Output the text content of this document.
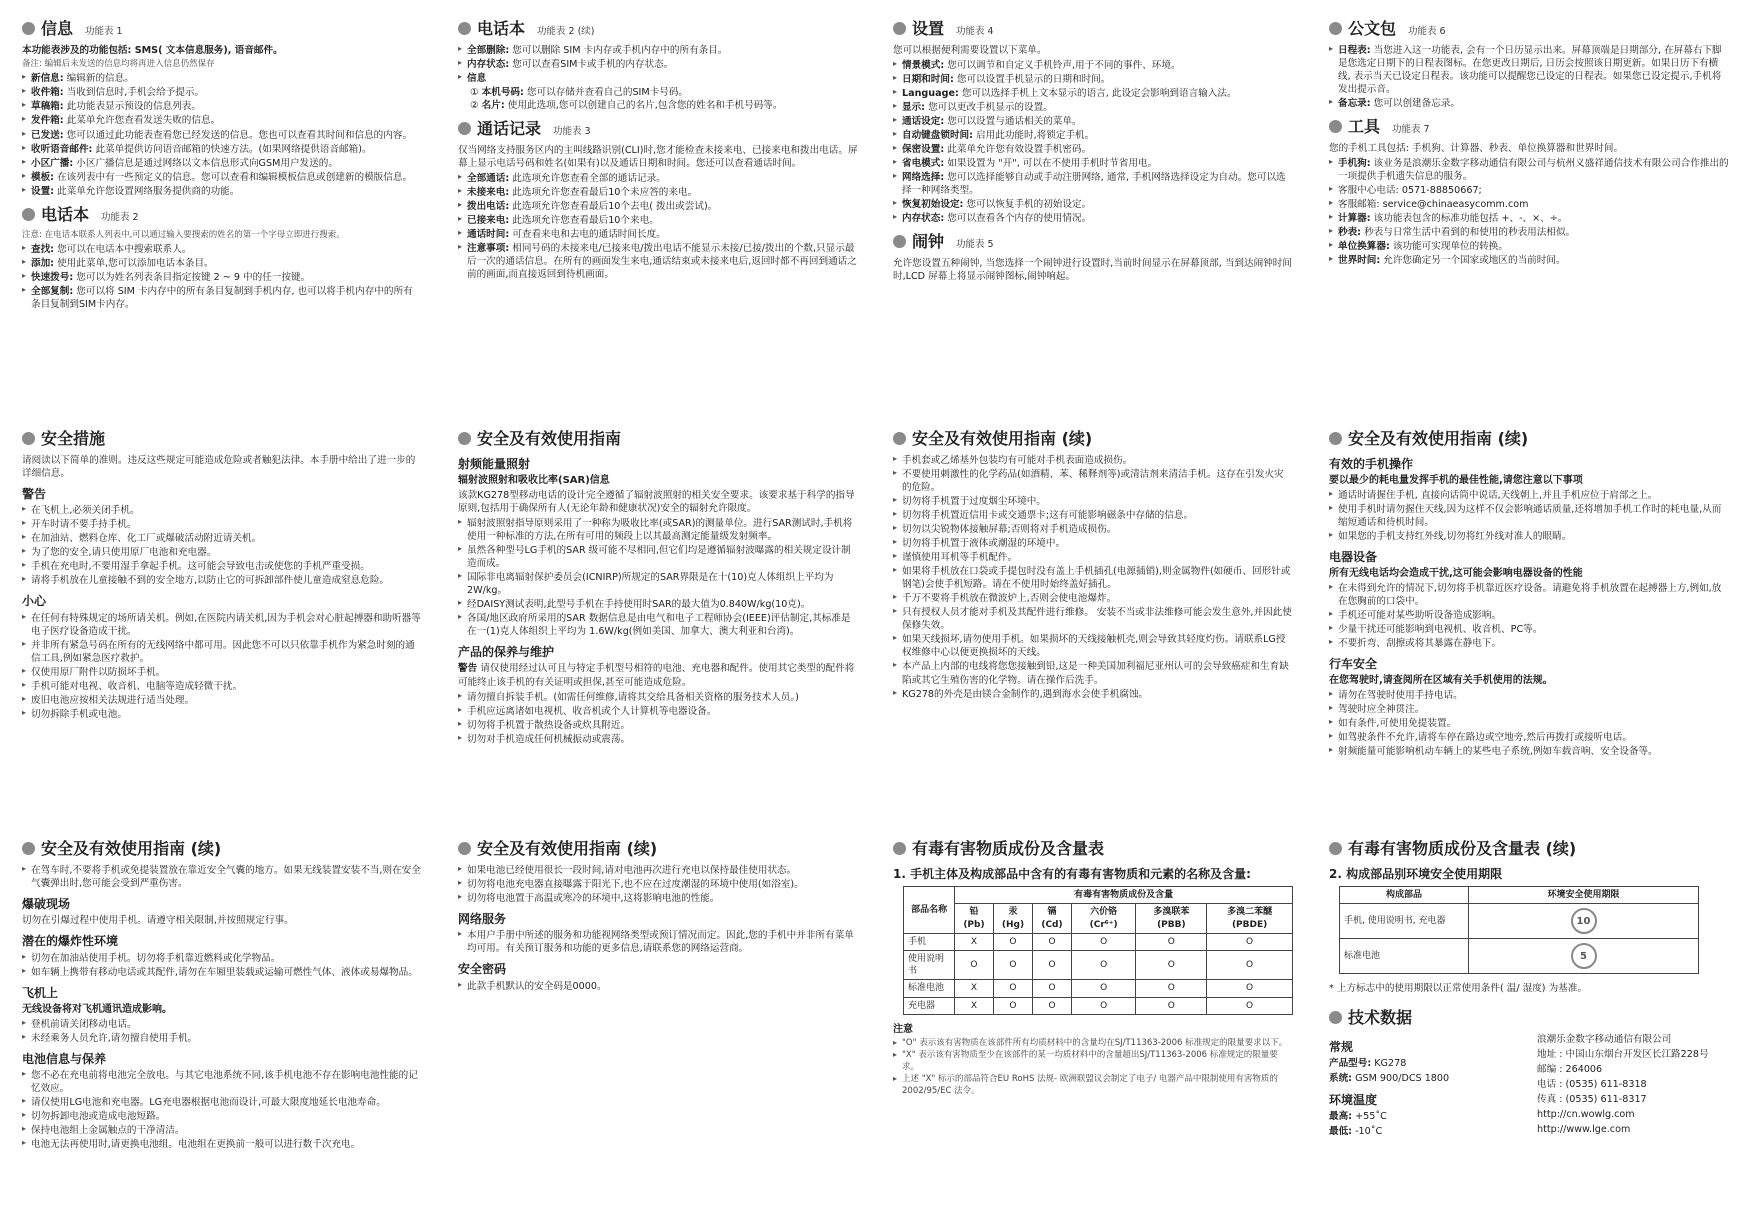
信息 功能表 1

本功能表涉及的功能包括: SMS( 文本信息服务), 语音邮件。

备注: 编辑后未发送的信息均将再进入信息仍然保存

▸ 新信息: 编辑新的信息。
▸ 收件箱: 当收到信息时,手机会给予提示。
▸ 草稿箱: 此功能表显示预设的信息列表。
▸ 发件箱: 此菜单允许您查看发送失败的信息。
▸ 已发送: 您可以通过此功能表查看您已经发送的信息。您也可以查看其时间和信息的内容。
▸ 收听语音邮件: 此菜单提供访问语音邮箱的快速方法。(如果网络提供语音邮箱)。
▸ 小区广播: 小区广播信息是通过网络以文本信息形式向GSM用户发送的。
▸ 模板: 在该列表中有一些预定义的信息。您可以查看和编辑模板信息或创建新的模版信息。
▸ 设置: 此菜单允许您设置网络服务提供商的功能。
电话本 功能表 2

注意: 在电话本联系人列表中,可以通过输入要搜索的姓名的第一个字母立即进行搜索。

▸ 查找: 您可以在电话本中搜索联系人。
▸ 添加: 使用此菜单,您可以添加电话本条目。
▸ 快速拨号: 您可以为姓名列表条目指定按键 2 ~ 9 中的任一按键。
▸ 全部复制: 您可以将 SIM 卡内存中的所有条目复制到手机内存, 也可以将手机内存中的所有条目复制到SIM卡内存。
电话本 功能表 2 (续)
▸ 全部删除: 您可以删除 SIM 卡内存或手机内存中的所有条目。
▸ 内存状态: 您可以查看SIM卡或手机的内存状态。
▸ 信息
① 本机号码: 您可以存储并查看自己的SIM卡号码。
② 名片: 使用此选项,您可以创建自己的名片,包含您的姓名和手机号码等。
通话记录 功能表 3

仅当网络支持服务区内的主叫线路识别(CLI)时,您才能检查未接来电、已接来电和拨出电话。屏幕上显示电话号码和姓名(如果有)以及通话日期和时间。您还可以查看通话时间。

▸ 全部通话: 此选项允许您查看全部的通话记录。
▸ 未接来电: 此选项允许您查看最后10个未应答的来电。
▸ 拨出电话: 此选项允许您查看最后10个去电( 拨出或尝试)。
▸ 已接来电: 此选项允许您查看最后10个来电。
▸ 通话时间: 可查看来电和去电的通话时间长度。
▸ 注意事项: 相同号码的未接来电/已接来电/拨出电话不能显示未接/已接/拨出的个数,只显示最后一次的通话信息。在所有的画面发生来电,通话结束或未接来电后,返回时都不再回到通话之前的画面,而直接返回到待机画面。
设置 功能表 4

您可以根据便利需要设置以下菜单。

▸ 情景模式: 您可以调节和自定义手机铃声,用于不同的事件、环境。
▸ 日期和时间: 您可以设置手机显示的日期和时间。
▸ Language: 您可以选择手机上文本显示的语言, 此设定会影响到语言输入法。
▸ 显示: 您可以更改手机显示的设置。
▸ 通话设定: 您可以设置与通话相关的菜单。
▸ 自动键盘锁时间: 启用此功能时,将锁定手机。
▸ 保密设置: 此菜单允许您有效设置手机密码。
▸ 省电模式: 如果设置为 "开", 可以在不使用手机时节省用电。
▸ 网络选择: 您可以选择能够自动或手动注册网络, 通常, 手机网络选择设定为自动。您可以选择一种网络类型。
▸ 恢复初始设定: 您可以恢复手机的初始设定。
▸ 内存状态: 您可以查看各个内存的使用情况。
闹钟 功能表 5

允许您设置五种闹钟, 当您选择一个闹钟进行设置时,当前时间显示在屏幕顶部, 当到达闹钟时间时,LCD 屏幕上将显示闹钟图标,闹钟响起。

公文包 功能表 6
▸ 日程表: 当您进入这一功能表, 会有一个日历显示出来。屏幕顶端是日期部分, 在屏幕右下脚是您选定日期下的日程表图标。在您更改日期后, 日历会按照该日期更新。如果日历下有横线, 表示当天已设定日程表。该功能可以提醒您已设定的日程表。如果您已设定提示,手机将发出提示音。
▸ 备忘录: 您可以创建备忘录。
工具 功能表 7

您的手机工具包括: 手机狗、计算器、秒表、单位换算器和世界时间。

▸ 手机狗: 该业务是浪潮乐金数字移动通信有限公司与杭州义盛祥通信技术有限公司合作推出的一项提供手机遗失信息的服务。
▸ 客服中心电话: 0571-88850667;
▸ 客服邮箱: service@chinaeasycomm.com
▸ 计算器: 该功能表包含的标准功能包括 +、-、×、÷。
▸ 秒表: 秒表与日常生活中看到的和使用的秒表用法相似。
▸ 单位换算器: 该功能可实现单位的转换。
▸ 世界时间: 允许您确定另一个国家或地区的当前时间。
安全措施

请阅读以下简单的准则。违反这些规定可能造成危险或者触犯法律。本手册中给出了进一步的详细信息。

警告
▸ 在飞机上,必须关闭手机。
▸ 开车时请不要手持手机。
▸ 在加油站、燃料仓库、化工厂或爆破活动附近请关机。
▸ 为了您的安全,请只使用原厂电池和充电器。
▸ 手机在充电时,不要用湿手拿起手机。这可能会导致电击或使您的手机严重受损。
▸ 请将手机放在儿童接触不到的安全地方,以防止它的可拆卸部件使儿童造成窒息危险。
小心
▸ 在任何有特殊规定的场所请关机。例如,在医院内请关机,因为手机会对心脏起搏器和助听器等电子医疗设备造成干扰。
▸ 并非所有紧急号码在所有的无线网络中都可用。因此您不可以只依靠手机作为紧急时刻的通信工具,例如紧急医疗救护。
▸ 仅使用原厂附件以防损坏手机。
▸ 手机可能对电视、收音机、电脑等造成轻微干扰。
▸ 废旧电池应按相关法规进行适当处理。
▸ 切勿拆除手机或电池。
安全及有效使用指南
射频能量照射
辐射波照射和吸收比率(SAR)信息

该款KG278型移动电话的设计完全遵循了辐射波照射的相关安全要求。该要求基于科学的指导原则,包括用于确保所有人(无论年龄和健康状况)安全的辐射允许限度。

▸ 辐射波照射指导原则采用了一种称为吸收比率(或SAR)的测量单位。进行SAR测试时,手机将使用一种标准的方法,在所有可用的频段上以其最高测定能量级发射频率。
▸ 虽然各种型号LG手机的SAR 级可能不尽相同,但它们均是遵循辐射波曝露的相关规定设计制造而成。
▸ 国际非电离辐射保护委员会(ICNIRP)所规定的SAR界限是在十(10)克人体组织上平均为2W/kg。
▸ 经DAISY测试表明,此型号手机在手持使用时SAR的最大值为0.840W/kg(10克)。
▸ 各国/地区政府所采用的SAR 数据信息是由电气和电子工程师协会(IEEE)评估制定,其标准是在一(1)克人体组织上平均为 1.6W/kg(例如美国、加拿大、澳大利亚和台湾)。
产品的保养与维护

警告 请仅使用经过认可且与特定手机型号相符的电池、充电器和配件。使用其它类型的配件将可能终止该手机的有关证明或担保,甚至可能造成危险。

▸ 请勿擅自拆装手机。(如需任何维修,请将其交给具备相关资格的服务技术人员。)
▸ 手机应远离诸如电视机、收音机或个人计算机等电器设备。
▸ 切勿将手机置于散热设备或炊具附近。
▸ 切勿对手机造成任何机械振动或震荡。
安全及有效使用指南 (续)
▸ 手机套或乙烯基外包装均有可能对手机表面造成损伤。
▸ 不要使用刺激性的化学药品(如酒精、苯、稀释剂等)或清洁剂来清洁手机。这存在引发火灾的危险。
▸ 切勿将手机置于过度烟尘环境中。
▸ 切勿将手机置近信用卡或交通票卡;这有可能影响磁条中存储的信息。
▸ 切勿以尖锐物体接触屏幕;否则将对手机造成损伤。
▸ 切勿将手机置于液体或潮湿的环境中。
▸ 谨慎使用耳机等手机配件。
▸ 如果将手机放在口袋或手提包时没有盖上手机插孔(电源插销),则金属物件(如硬币、回形针或钢笔)会使手机短路。请在不使用时始终盖好插孔。
▸ 千万不要将手机放在微波炉上,否则会使电池爆炸。
▸ 只有授权人员才能对手机及其配件进行维修。 安装不当或非法维修可能会发生意外,并因此使保修失效。
▸ 如果天线损坏,请勿使用手机。如果损坏的天线接触机壳,则会导致其轻度灼伤。请联系LG授权维修中心以便更换损坏的天线。
▸ 本产品上内部的电线将您您接触到铅,这是一种美国加利福尼亚州认可的会导致癌症和生育缺陷或其它生殖伤害的化学物。请在操作后洗手。
▸ KG278的外壳是由镁合金制作的,遇到海水会使手机腐蚀。
安全及有效使用指南 (续)
有效的手机操作
要以最少的耗电量发挥手机的最佳性能,请您注意以下事项
▸ 通话时请握住手机, 直接向话筒中说话,天线朝上,并且手机应位于肩部之上。
▸ 使用手机时请勿握住天线,因为这样不仅会影响通话质量,还将增加手机工作时的耗电量,从而缩短通话和待机时间。
▸ 如果您的手机支持红外线,切勿将红外线对准人的眼睛。
电器设备
所有无线电话均会造成干扰,这可能会影响电器设备的性能
▸ 在未得到允许的情况下,切勿将手机靠近医疗设备。请避免将手机放置在起搏器上方,例如,放在您胸前的口袋中。
▸ 手机还可能对某些助听设备造成影响。
▸ 少量干扰还可能影响到电视机、收音机、PC等。
▸ 不要折弯、刮擦或将其暴露在静电下。
行车安全
在您驾驶时,请查阅所在区域有关手机使用的法规。
▸ 请勿在驾驶时使用手持电话。
▸ 驾驶时应全神贯注。
▸ 如有条件,可使用免提装置。
▸ 如驾驶条件不允许,请将车停在路边或空地旁,然后再拨打或接听电话。
▸ 射频能量可能影响机动车辆上的某些电子系统,例如车载音响、安全设备等。
安全及有效使用指南 (续)
▸ 在驾车时,不要将手机或免提装置放在靠近安全气囊的地方。如果无线装置安装不当,则在安全气囊弹出时,您可能会受到严重伤害。
爆破现场

切勿在引爆过程中使用手机。请遵守相关限制,并按照规定行事。

潜在的爆炸性环境
▸ 切勿在加油站使用手机。切勿将手机靠近燃料或化学物品。
▸ 如车辆上携带有移动电话或其配件,请勿在车厢里装载或运输可燃性气体、液体或易爆物品。
飞机上
无线设备将对飞机通讯造成影响。
▸ 登机前请关闭移动电话。
▸ 未经乘务人员允许,请勿擅自使用手机。
电池信息与保养
▸ 您不必在充电前将电池完全放电。与其它电池系统不同,该手机电池不存在影响电池性能的记忆效应。
▸ 请仅使用LG电池和充电器。LG充电器根据电池而设计,可最大限度地延长电池寿命。
▸ 切勿拆卸电池或造成电池短路。
▸ 保持电池组上金属触点的干净清洁。
▸ 电池无法再使用时,请更换电池组。电池组在更换前一般可以进行数千次充电。
安全及有效使用指南 (续)
▸ 如果电池已经使用很长一段时间,请对电池再次进行充电以保持最佳使用状态。
▸ 切勿将电池充电器直接曝露于阳光下,也不应在过度潮湿的环境中使用(如浴室)。
▸ 切勿将电池置于高温或寒冷的环境中,这将影响电池的性能。
网络服务
▸ 本用户手册中所述的服务和功能视网络类型或预订情况而定。因此,您的手机中并非所有菜单均可用。有关预订服务和功能的更多信息,请联系您的网络运营商。
安全密码
▸ 此款手机默认的安全码是0000。
有毒有害物质成份及含量表
1. 手机主体及构成部品中含有的有毒有害物质和元素的名称及含量:
部品名称	有毒有害物质成份及含量					
	铅(Pb)	汞(Hg)	镉(Cd)	六价铬 (Cr⁶⁺)	多溴联苯(PBB)	多溴二苯醚(PBDE)
手机	X	O	O	O	O	O
使用说明书	O	O	O	O	O	O
标准电池	X	O	O	O	O	O
充电器	X	O	O	O	O	O
注意
▸ "O" 表示该有害物质在该部件所有均质材料中的含量均在SJ/T11363-2006 标准规定的限量要求以下。
▸ "X" 表示该有害物质至少在该部件的某一均质材料中的含量超出SJ/T11363-2006 标准规定的限量要求。
▸ 上述 "X" 标示的部品符合EU RoHS 法规- 欧洲联盟议会制定了电子/ 电器产品中限制使用有害物质的2002/95/EC 法令。
有毒有害物质成份及含量表 (续)
2. 构成部品别环境安全使用期限
构成部品	环境安全使用期限
手机, 使用说明书, 充电器	10
标准电池	5

* 上方标志中的使用期限以正常使用条件( 温/ 湿度) 为基准。

技术数据
常规

产品型号: KG278

系统: GSM 900/DCS 1800

环境温度

最高: +55˚C

最低: -10˚C

浪潮乐金数字移动通信有限公司

地址 : 中国山东烟台开发区长江路228号

邮编 : 264006

电话 : (0535) 611-8318

传真 : (0535) 611-8317

http://cn.wowlg.com

http://www.lge.com
